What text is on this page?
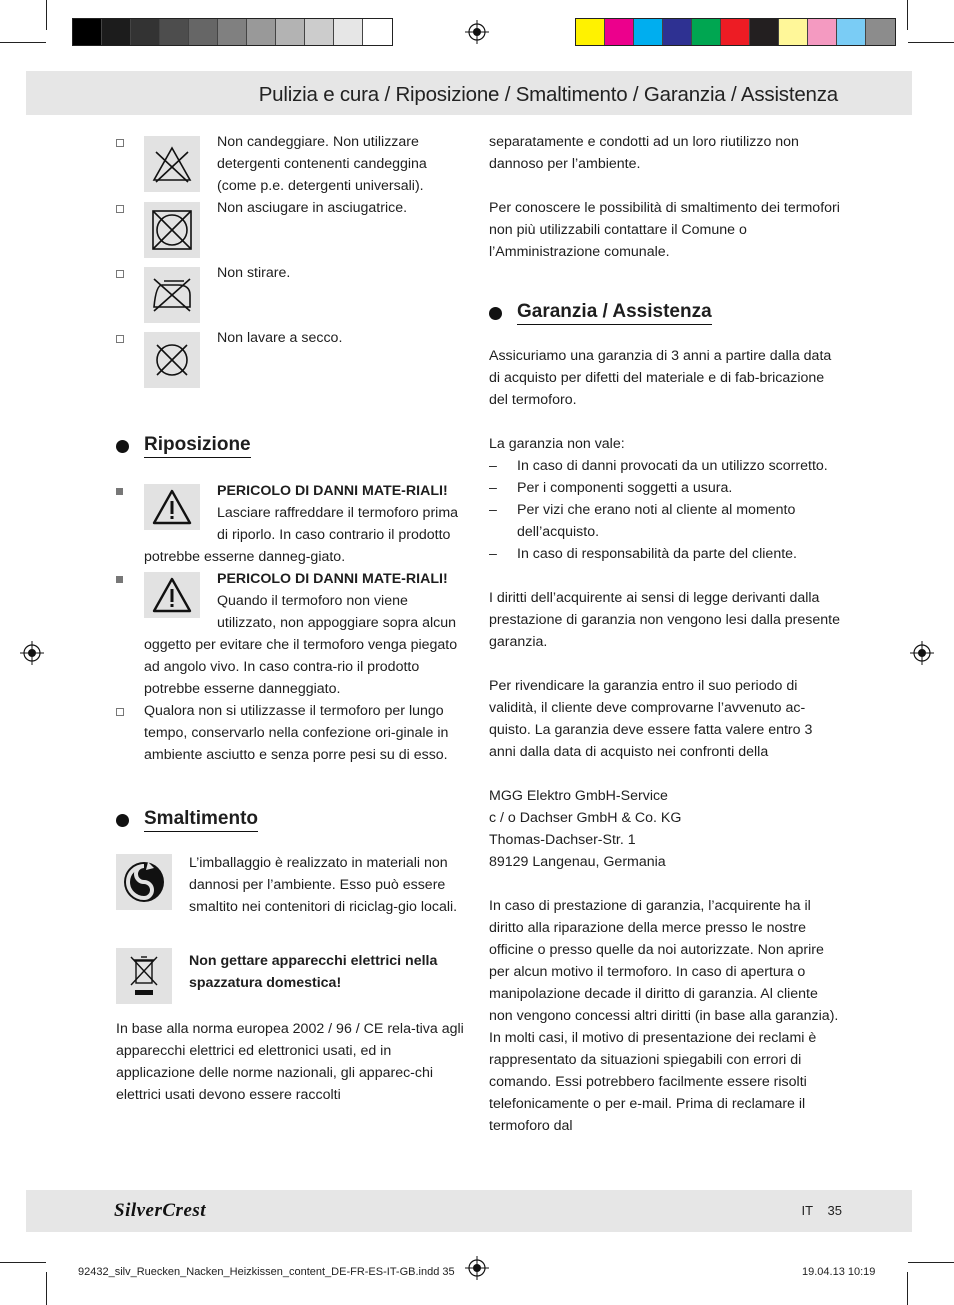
Pulizia e cura / Riposizione / Smaltimento / Garanzia / Assistenza
Non candeggiare. Non utilizzare detergenti contenenti candeggina (come p.e. detergenti universali).
Non asciugare in asciugatrice.
Non stirare.
Non lavare a secco.
Riposizione

PERICOLO DI DANNI MATE-RIALI! Lasciare raffreddare il termoforo prima di riporlo. In caso contrario il prodotto potrebbe esserne danneg-giato.

PERICOLO DI DANNI MATE-RIALI! Quando il termoforo non viene utilizzato, non appoggiare sopra alcun oggetto per evitare che il termoforo venga piegato ad angolo vivo. In caso contra-rio il prodotto potrebbe esserne danneggiato.

Qualora non si utilizzasse il termoforo per lungo tempo, conservarlo nella confezione ori-ginale in ambiente asciutto e senza porre pesi su di esso.

Smaltimento

L’imballaggio è realizzato in materiali non dannosi per l’ambiente. Esso può essere smaltito nei contenitori di riciclag-gio locali.

Non gettare apparecchi elettrici nella spazzatura domestica!

In base alla norma europea 2002 / 96 / CE rela-tiva agli apparecchi elettrici ed elettronici usati, ed in applicazione delle norme nazionali, gli apparec-chi elettrici usati devono essere raccolti

separatamente e condotti ad un loro riutilizzo non dannoso per l’ambiente.

Per conoscere le possibilità di smaltimento dei termofori non più utilizzabili contattare il Comune o l’Amministrazione comunale.

Garanzia / Assistenza

Assicuriamo una garanzia di 3 anni a partire dalla data di acquisto per difetti del materiale e di fab-bricazione del termoforo.

La garanzia non vale:

– In caso di danni provocati da un utilizzo scorretto.
– Per i componenti soggetti a usura.
– Per vizi che erano noti al cliente al momento dell’acquisto.
– In caso di responsabilità da parte del cliente.

I diritti dell’acquirente ai sensi di legge derivanti dalla prestazione di garanzia non vengono lesi dalla presente garanzia.

Per rivendicare la garanzia entro il suo periodo di validità, il cliente deve comprovarne l’avvenuto ac-quisto. La garanzia deve essere fatta valere entro 3 anni dalla data di acquisto nei confronti della

MGG Elektro GmbH-Service

c / o Dachser GmbH & Co. KG

Thomas-Dachser-Str. 1

89129 Langenau, Germania

In caso di prestazione di garanzia, l’acquirente ha il diritto alla riparazione della merce presso le nostre officine o presso quelle da noi autorizzate. Non aprire per alcun motivo il termoforo. In caso di apertura o manipolazione decade il diritto di garanzia. Al cliente non vengono concessi altri diritti (in base alla garanzia). In molti casi, il motivo di presentazione dei reclami è rappresentato da situazioni spiegabili con errori di comando. Essi potrebbero facilmente essere risolti telefonicamente o per e-mail. Prima di reclamare il termoforo dal

SilverCrest	IT 35
92432_silv_Ruecken_Nacken_Heizkissen_content_DE-FR-ES-IT-GB.indd 35	19.04.13 10:19
